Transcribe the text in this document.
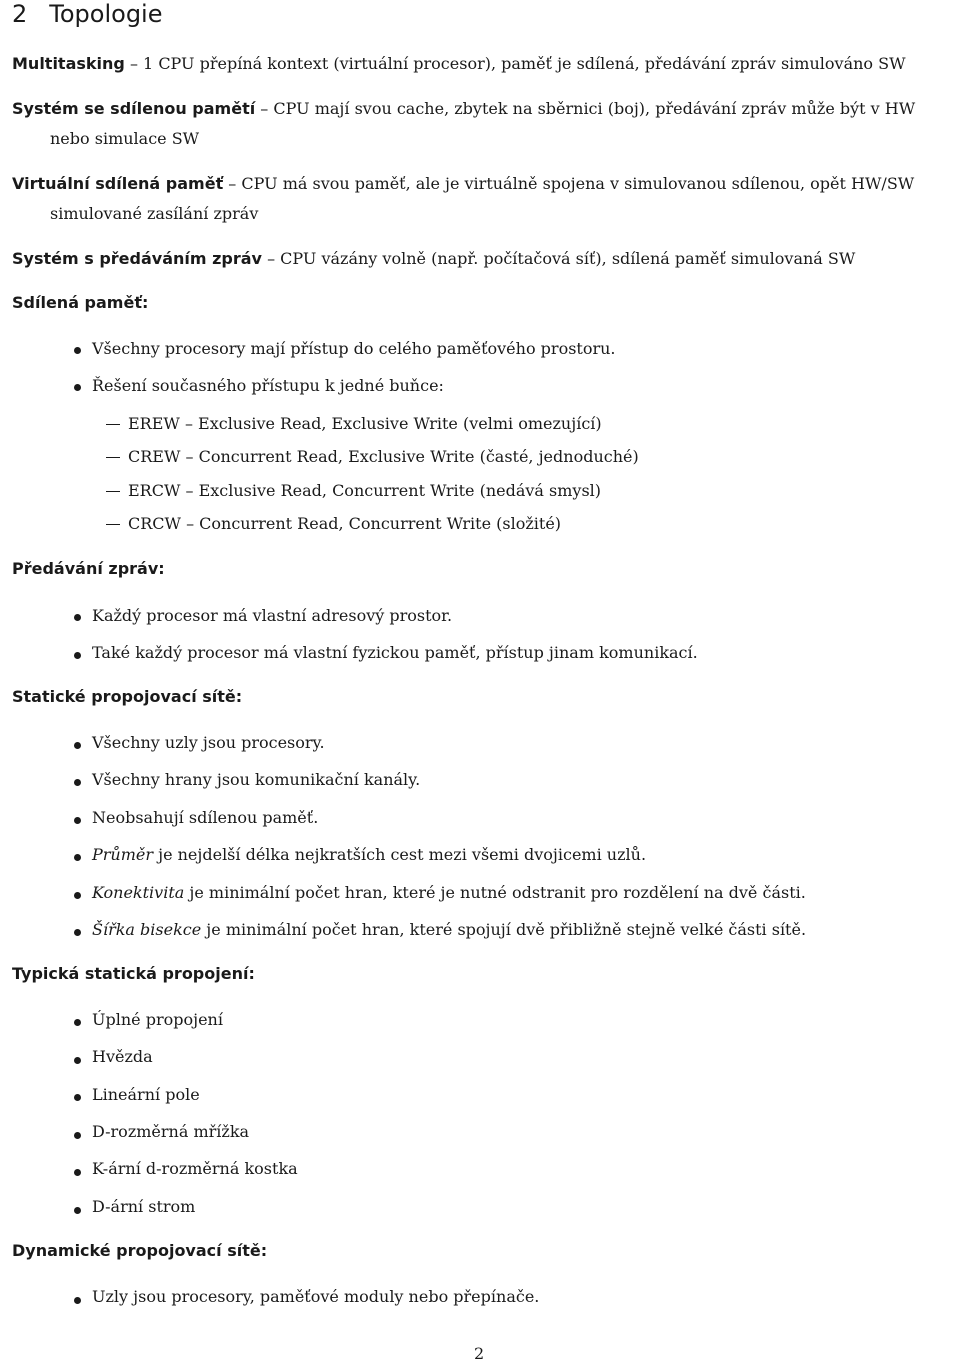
2 Topologie
Multitasking – 1 CPU přepíná kontext (virtuální procesor), paměť je sdílená, předávání zpráv simulováno SW
Systém se sdílenou pamětí – CPU mají svou cache, zbytek na sběrnici (boj), předávání zpráv může být v HW
nebo simulace SW
Virtuální sdílená paměť – CPU má svou paměť, ale je virtuálně spojena v simulovanou sdílenou, opět HW/SW
simulované zasílání zpráv
Systém s předáváním zpráv – CPU vázány volně (např. počítačová síť), sdílená paměť simulovaná SW
Sdílená paměť:
Všechny procesory mají přístup do celého paměťového prostoru.
Řešení současného přístupu k jedné buňce:
EREW – Exclusive Read, Exclusive Write (velmi omezující)
CREW – Concurrent Read, Exclusive Write (časté, jednoduché)
ERCW – Exclusive Read, Concurrent Write (nedává smysl)
CRCW – Concurrent Read, Concurrent Write (složité)
Předávání zpráv:
Každý procesor má vlastní adresový prostor.
Také každý procesor má vlastní fyzickou paměť, přístup jinam komunikací.
Statické propojovací sítě:
Všechny uzly jsou procesory.
Všechny hrany jsou komunikační kanály.
Neobsahují sdílenou paměť.
Průměr je nejdelší délka nejkratších cest mezi všemi dvojicemi uzlů.
Konektivita je minimální počet hran, které je nutné odstranit pro rozdělení na dvě části.
Šířka bisekce je minimální počet hran, které spojují dvě přibližně stejně velké části sítě.
Typická statická propojení:
Úplné propojení
Hvězda
Lineární pole
D-rozměrná mřížka
K-ární d-rozměrná kostka
D-ární strom
Dynamické propojovací sítě:
Uzly jsou procesory, paměťové moduly nebo přepínače.
2
